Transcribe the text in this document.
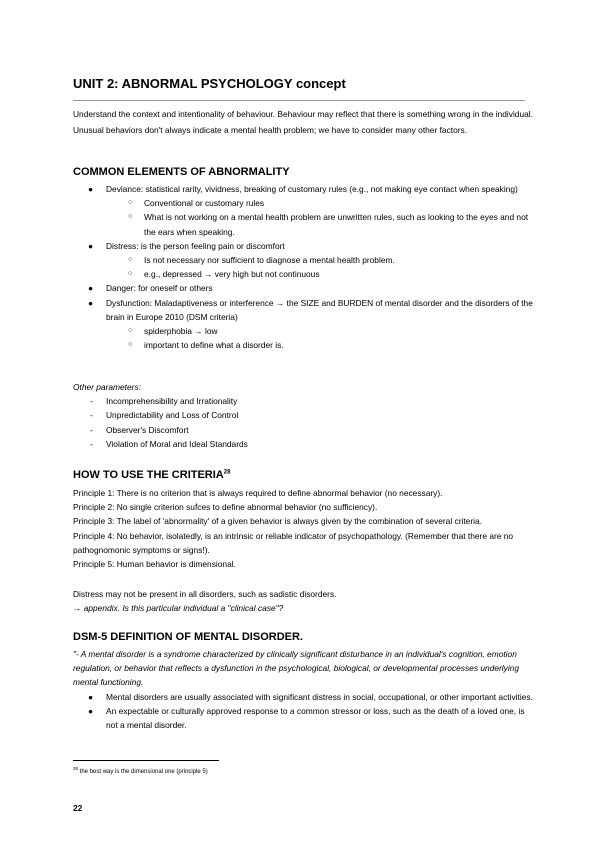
UNIT 2: ABNORMAL PSYCHOLOGY concept
Understand the context and intentionality of behaviour. Behaviour may reflect that there is something wrong in the individual. Unusual behaviors don't always indicate a mental health problem; we have to consider many other factors.
COMMON ELEMENTS OF ABNORMALITY
● Deviance: statistical rarity, vividness, breaking of customary rules (e.g., not making eye contact when speaking)
○ Conventional or customary rules
○ What is not working on a mental health problem are unwritten rules, such as looking to the eyes and not the ears when speaking.
● Distress: is the person feeling pain or discomfort
○ Is not necessary nor sufficient to diagnose a mental health problem.
○ e.g., depressed → very high but not continuous
● Danger: for oneself or others
● Dysfunction: Maladaptiveness or interference → the SIZE and BURDEN of mental disorder and the disorders of the brain in Europe 2010 (DSM criteria)
○ spiderphobia → low
○ important to define what a disorder is.
Other parameters:
- Incomprehensibility and Irrationality
- Unpredictability and Loss of Control
- Observer's Discomfort
- Violation of Moral and Ideal Standards
HOW TO USE THE CRITERIA$^{28}$
Principle 1: There is no criterion that is always required to define abnormal behavior (no necessary).
Principle 2: No single criterion suḟces to define abnormal behavior (no sufficiency).
Principle 3: The label of 'abnormality' of a given behavior is always given by the combination of several criteria.
Principle 4: No behavior, isolatedly, is an intrinsic or reliable indicator of psychopathology. (Remember that there are no pathognomonic symptoms or signs!).
Principle 5: Human behavior is dimensional.
Distress may not be present in all disorders, such as sadistic disorders.
→ appendix. Is this particular individual a "clinical case"?
DSM-5 DEFINITION OF MENTAL DISORDER.
"- A mental disorder is a syndrome characterized by clinically significant disturbance in an individual's cognition, emotion regulation, or behavior that reflects a dysfunction in the psychological, biological, or developmental processes underlying mental functioning.
● Mental disorders are usually associated with significant distress in social, occupational, or other important activities.
● An expectable or culturally approved response to a common stressor or loss, such as the death of a loved one, is not a mental disorder.
$^{28}$ the best way is the dimensional one (principle 5)
22
